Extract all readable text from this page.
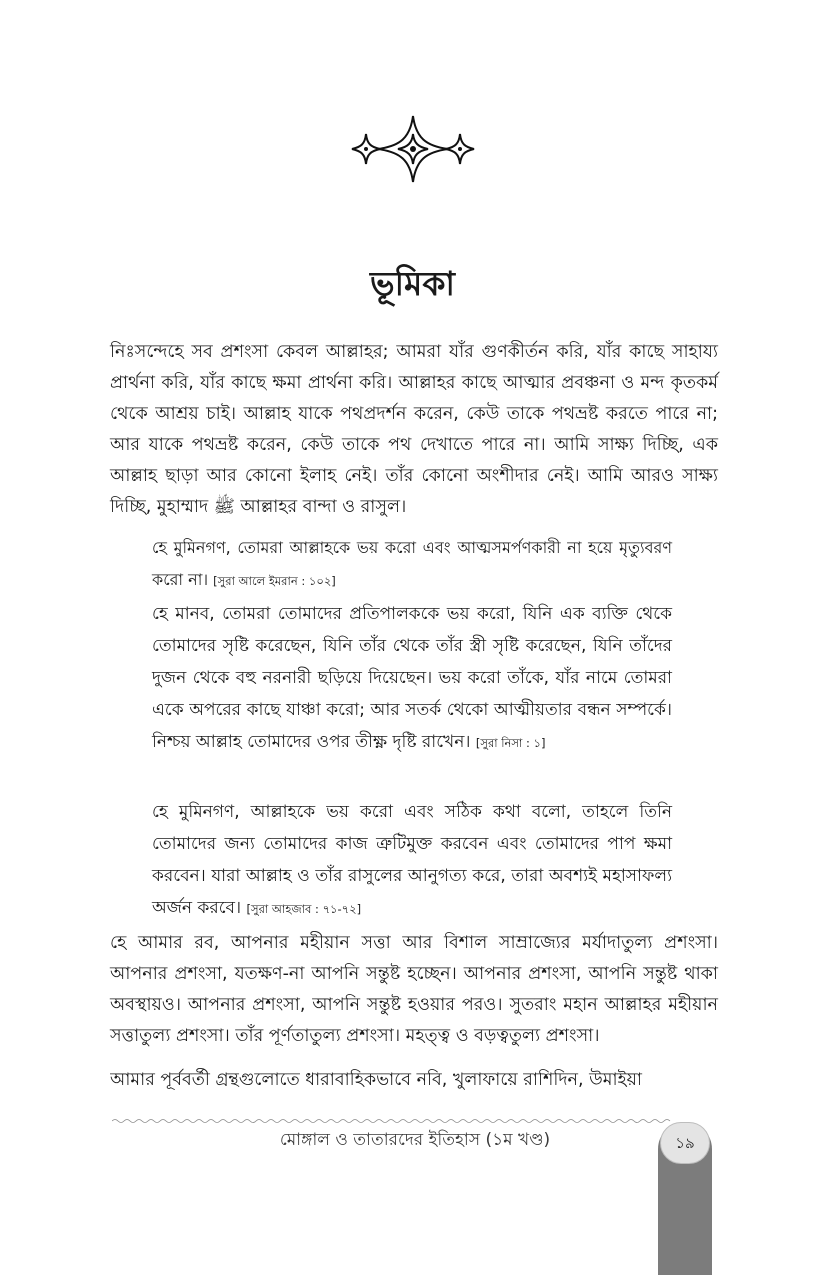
ভূমিকা

নিঃসন্দেহে সব প্রশংসা কেবল আল্লাহর; আমরা যাঁর গুণকীর্তন করি, যাঁর কাছে সাহায্য প্রার্থনা করি, যাঁর কাছে ক্ষমা প্রার্থনা করি। আল্লাহর কাছে আত্মার প্রবঞ্চনা ও মন্দ কৃতকর্ম থেকে আশ্রয় চাই। আল্লাহ যাকে পথপ্রদর্শন করেন, কেউ তাকে পথভ্রষ্ট করতে পারে না; আর যাকে পথভ্রষ্ট করেন, কেউ তাকে পথ দেখাতে পারে না। আমি সাক্ষ্য দিচ্ছি, এক আল্লাহ ছাড়া আর কোনো ইলাহ নেই। তাঁর কোনো অংশীদার নেই। আমি আরও সাক্ষ্য দিচ্ছি, মুহাম্মাদ ﷺ আল্লাহর বান্দা ও রাসুল।

হে মুমিনগণ, তোমরা আল্লাহকে ভয় করো এবং আত্মসমর্পণকারী না হয়ে মৃত্যুবরণ করো না। [সুরা আলে ইমরান : ১০২]

হে মানব, তোমরা তোমাদের প্রতিপালককে ভয় করো, যিনি এক ব্যক্তি থেকে তোমাদের সৃষ্টি করেছেন, যিনি তাঁর থেকে তাঁর স্ত্রী সৃষ্টি করেছেন, যিনি তাঁদের দুজন থেকে বহু নরনারী ছড়িয়ে দিয়েছেন। ভয় করো তাঁকে, যাঁর নামে তোমরা একে অপরের কাছে যাঞ্চা করো; আর সতর্ক থেকো আত্মীয়তার বন্ধন সম্পর্কে। নিশ্চয় আল্লাহ তোমাদের ওপর তীক্ষ্ণ দৃষ্টি রাখেন। [সুরা নিসা : ১]

হে মুমিনগণ, আল্লাহকে ভয় করো এবং সঠিক কথা বলো, তাহলে তিনি তোমাদের জন্য তোমাদের কাজ ত্রুটিমুক্ত করবেন এবং তোমাদের পাপ ক্ষমা করবেন। যারা আল্লাহ ও তাঁর রাসুলের আনুগত্য করে, তারা অবশ্যই মহাসাফল্য অর্জন করবে। [সুরা আহজাব : ৭১-৭২]

হে আমার রব, আপনার মহীয়ান সত্তা আর বিশাল সাম্রাজ্যের মর্যাদাতুল্য প্রশংসা। আপনার প্রশংসা, যতক্ষণ-না আপনি সন্তুষ্ট হচ্ছেন। আপনার প্রশংসা, আপনি সন্তুষ্ট থাকা অবস্থায়ও। আপনার প্রশংসা, আপনি সন্তুষ্ট হওয়ার পরও। সুতরাং মহান আল্লাহর মহীয়ান সত্তাতুল্য প্রশংসা। তাঁর পূর্ণতাতুল্য প্রশংসা। মহত্ত্ব ও বড়ত্বতুল্য প্রশংসা।

আমার পূর্ববর্তী গ্রন্থগুলোতে ধারাবাহিকভাবে নবি, খুলাফায়ে রাশিদিন, উমাইয়া

মোঙ্গাল ও তাতারদের ইতিহাস (১ম খণ্ড)	১৯
